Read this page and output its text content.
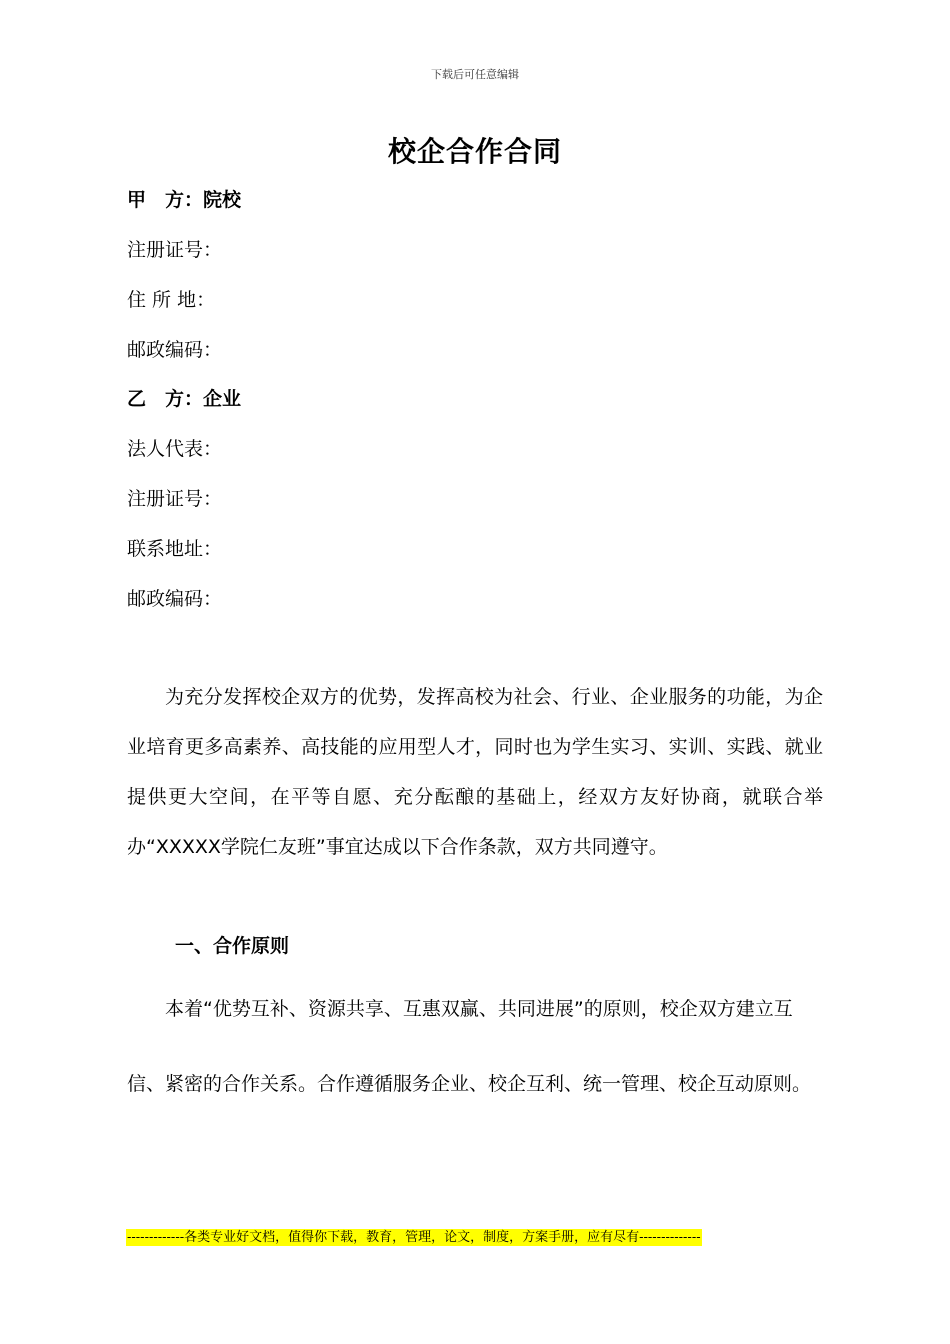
下载后可任意编辑
校企合作合同
甲　方：院校
注册证号：
住 所 地：
邮政编码：
乙　方：企业
法人代表：
注册证号：
联系地址：
邮政编码：

为充分发挥校企双方的优势，发挥高校为社会、行业、企业服务的功能，为企业培育更多高素养、高技能的应用型人才，同时也为学生实习、实训、实践、就业提供更大空间，在平等自愿、充分酝酿的基础上，经双方友好协商，就联合举办“XXXXX学院仁友班”事宜达成以下合作条款，双方共同遵守。

一、合作原则
本着“优势互补、资源共享、互惠双赢、共同进展”的原则，校企双方建立互
信、紧密的合作关系。合作遵循服务企业、校企互利、统一管理、校企互动原则。
-------------各类专业好文档，值得你下载，教育，管理，论文，制度，方案手册，应有尽有--------------
